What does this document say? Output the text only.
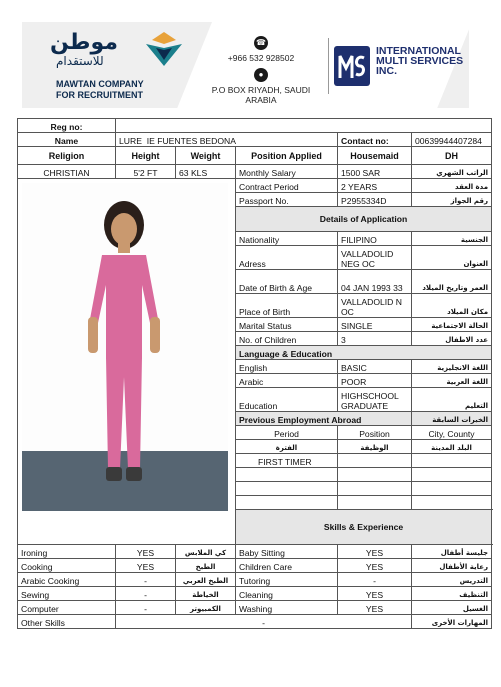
موطن
للاستقدام
MAWTAN COMPANY
FOR RECRUITMENT
☎
+966 532 928502
●
P.O BOX RIYADH, SAUDI ARABIA
INTERNATIONAL
MULTI SERVICES
INC.
Reg no:					
Name	LURE  IE FUENTES BEDONA			Contact no:	00639944407284
Religion	Height	Weight	Position Applied	Housemaid	DH
CHRISTIAN	5'2 FT	63 KLS	Monthly Salary	1500 SAR	الراتب الشهري

	Contract Period	2 YEARS	مدة العقد
			Passport No.	P2955334D	رقم الجواز
			Details of Application		
			Nationality	FILIPINO	الجنسية
			Adress	VALLADOLID NEG OC	العنوان
			Date of Birth & Age	04 JAN 1993 33	العمر وتاريخ الميلاد
			Place of Birth	VALLADOLID N OC	مكان الميلاد
			Marital Status	SINGLE	الحالة الاجتماعية
			No. of Children	3	عدد الاطفال
			Language & Education		
			English	BASIC	اللغة الانجليزية
			Arabic	POOR	اللغة العربية
			Education	HIGHSCHOOL GRADUATE	التعليم
			Previous Employment Abroad		الخبرات السابقة
			Period	Position	City, County
			الفترة	الوظيفة	البلد المدينة
			FIRST TIMER		

			Skills & Experience		
Ironing	YES	كي الملابس	Baby Sitting	YES	جليسة أطفال
Cooking	YES	الطبخ	Children Care	YES	رعاية الأطفال
Arabic Cooking	-	الطبخ العربي	Tutoring	-	التدريس
Sewing	-	الخياطة	Cleaning	YES	التنظيف
Computer	-	الكمبيوتر	Washing	YES	الغسيل
Other Skills	-				المهارات الأخرى
